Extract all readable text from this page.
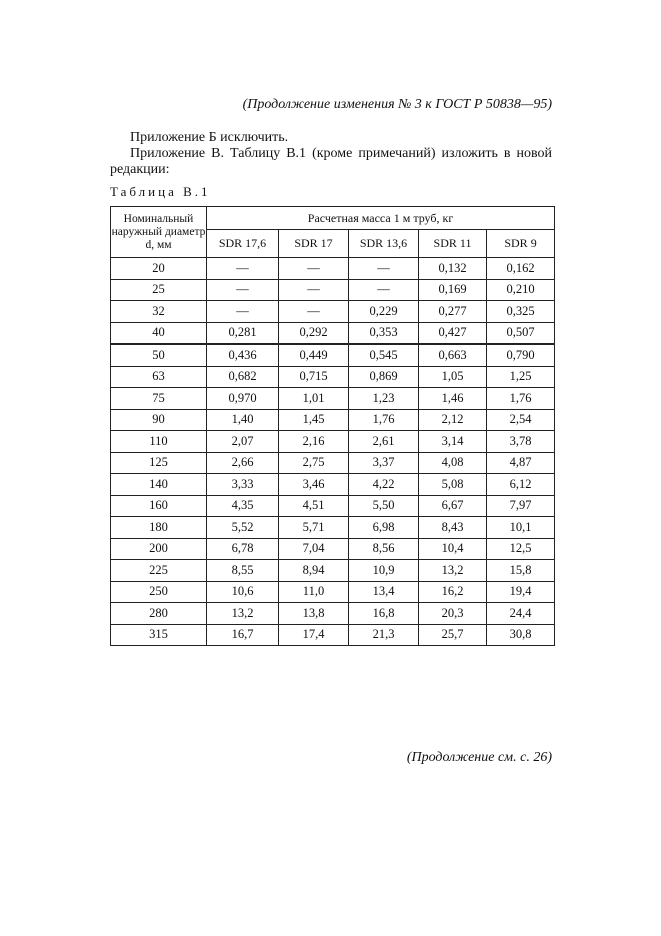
(Продолжение изменения № 3 к ГОСТ Р 50838—95)
Приложение Б исключить.
Приложение В. Таблицу В.1 (кроме примечаний) изложить в новой редакции:
Таблица В.1
Номинальный наружный диаметр d, мм	Расчетная масса 1 м труб, кг				
	SDR 17,6	SDR 17	SDR 13,6	SDR 11	SDR 9
20	—	—	—	0,132	0,162
25	—	—	—	0,169	0,210
32	—	—	0,229	0,277	0,325
40	0,281	0,292	0,353	0,427	0,507
50	0,436	0,449	0,545	0,663	0,790
63	0,682	0,715	0,869	1,05	1,25
75	0,970	1,01	1,23	1,46	1,76
90	1,40	1,45	1,76	2,12	2,54
110	2,07	2,16	2,61	3,14	3,78
125	2,66	2,75	3,37	4,08	4,87
140	3,33	3,46	4,22	5,08	6,12
160	4,35	4,51	5,50	6,67	7,97
180	5,52	5,71	6,98	8,43	10,1
200	6,78	7,04	8,56	10,4	12,5
225	8,55	8,94	10,9	13,2	15,8
250	10,6	11,0	13,4	16,2	19,4
280	13,2	13,8	16,8	20,3	24,4
315	16,7	17,4	21,3	25,7	30,8
(Продолжение см. с. 26)
